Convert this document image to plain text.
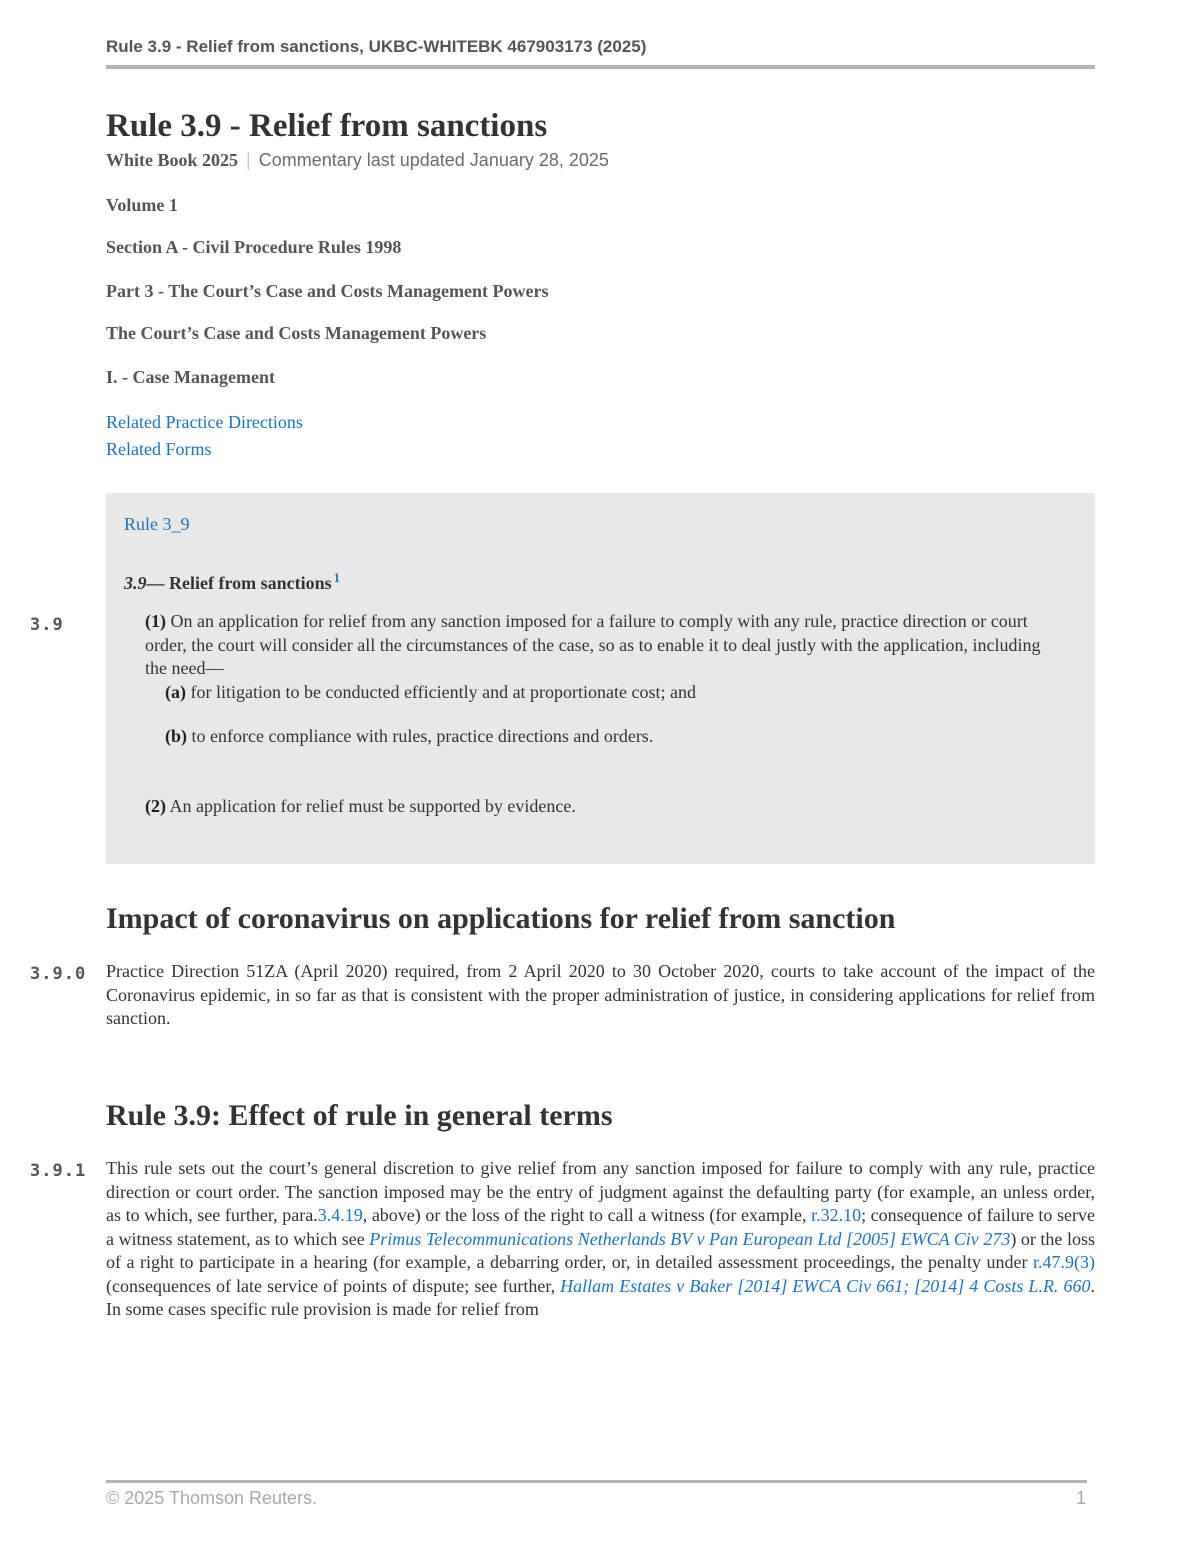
Rule 3.9 - Relief from sanctions, UKBC-WHITEBK 467903173 (2025)
Rule 3.9 - Relief from sanctions
White Book 2025 | Commentary last updated January 28, 2025
Volume 1
Section A - Civil Procedure Rules 1998
Part 3 - The Court’s Case and Costs Management Powers
The Court’s Case and Costs Management Powers
I. - Case Management
Related Practice Directions
Related Forms
3.9
Rule 3_9
3.9— Relief from sanctions $^1$
(1) On an application for relief from any sanction imposed for a failure to comply with any rule, practice direction or court order, the court will consider all the circumstances of the case, so as to enable it to deal justly with the application, including the need—
(a) for litigation to be conducted efficiently and at proportionate cost; and
(b) to enforce compliance with rules, practice directions and orders.
(2) An application for relief must be supported by evidence.
Impact of coronavirus on applications for relief from sanction
3.9.0 Practice Direction 51ZA (April 2020) required, from 2 April 2020 to 30 October 2020, courts to take account of the impact of the Coronavirus epidemic, in so far as that is consistent with the proper administration of justice, in considering applications for relief from sanction.

Rule 3.9: Effect of rule in general terms
3.9.1 This rule sets out the court’s general discretion to give relief from any sanction imposed for failure to comply with any rule, practice direction or court order. The sanction imposed may be the entry of judgment against the defaulting party (for example, an unless order, as to which, see further, para.3.4.19, above) or the loss of the right to call a witness (for example, r.32.10; consequence of failure to serve a witness statement, as to which see Primus Telecommunications Netherlands BV v Pan European Ltd [2005] EWCA Civ 273) or the loss of a right to participate in a hearing (for example, a debarring order, or, in detailed assessment proceedings, the penalty under r.47.9(3) (consequences of late service of points of dispute; see further, Hallam Estates v Baker [2014] EWCA Civ 661; [2014] 4 Costs L.R. 660. In some cases specific rule provision is made for relief from

© 2025 Thomson Reuters.	1
